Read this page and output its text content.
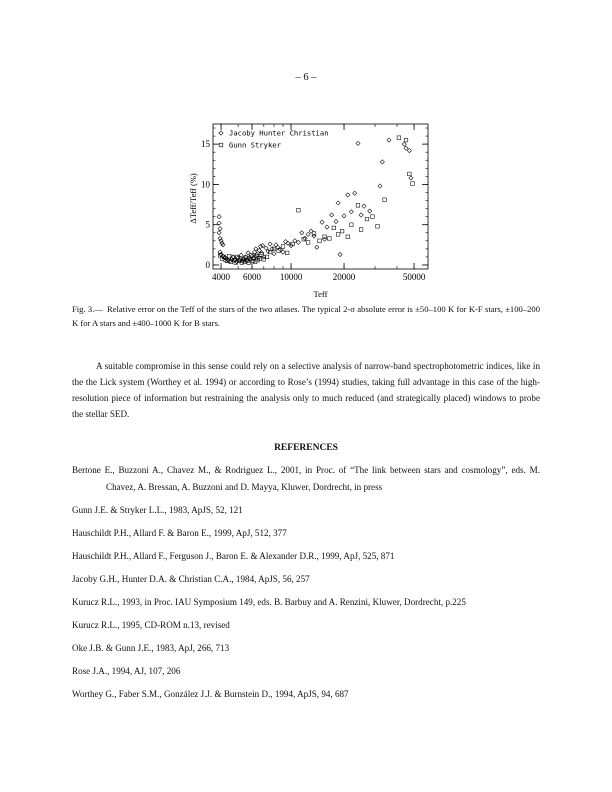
– 6 –
4000 6000 10000	20000	50000
0
5
10
15
Teff
ΔTeff/Teff (%)
Jacoby Hunter Christian
Gunn Stryker
Fig. 3.— Relative error on the Teff of the stars of the two atlases. The typical 2-σ absolute error is ±50–100 K for K-F stars, ±100–200 K for A stars and ±400–1000 K for B stars.

A suitable compromise in this sense could rely on a selective analysis of narrow-band spectrophotometric indices, like in the the Lick system (Worthey et al. 1994) or according to Rose’s (1994) studies, taking full advantage in this case of the high-resolution piece of information but restraining the analysis only to much reduced (and strategically placed) windows to probe the stellar SED.

REFERENCES
Bertone E., Buzzoni A., Chavez M., & Rodriguez L., 2001, in Proc. of “The link between stars and cosmology”, eds. M. Chavez, A. Bressan, A. Buzzoni and D. Mayya, Kluwer, Dordrecht, in press
Gunn J.E. & Stryker L.L., 1983, ApJS, 52, 121
Hauschildt P.H., Allard F. & Baron E., 1999, ApJ, 512, 377
Hauschildt P.H., Allard F., Ferguson J., Baron E. & Alexander D.R., 1999, ApJ, 525, 871
Jacoby G.H., Hunter D.A. & Christian C.A., 1984, ApJS, 56, 257
Kurucz R.L., 1993, in Proc. IAU Symposium 149, eds. B. Barbuy and A. Renzini, Kluwer, Dordrecht, p.225
Kurucz R.L., 1995, CD-ROM n.13, revised
Oke J.B. & Gunn J.E., 1983, ApJ, 266, 713
Rose J.A., 1994, AJ, 107, 206
Worthey G., Faber S.M., González J.J. & Burnstein D., 1994, ApJS, 94, 687
